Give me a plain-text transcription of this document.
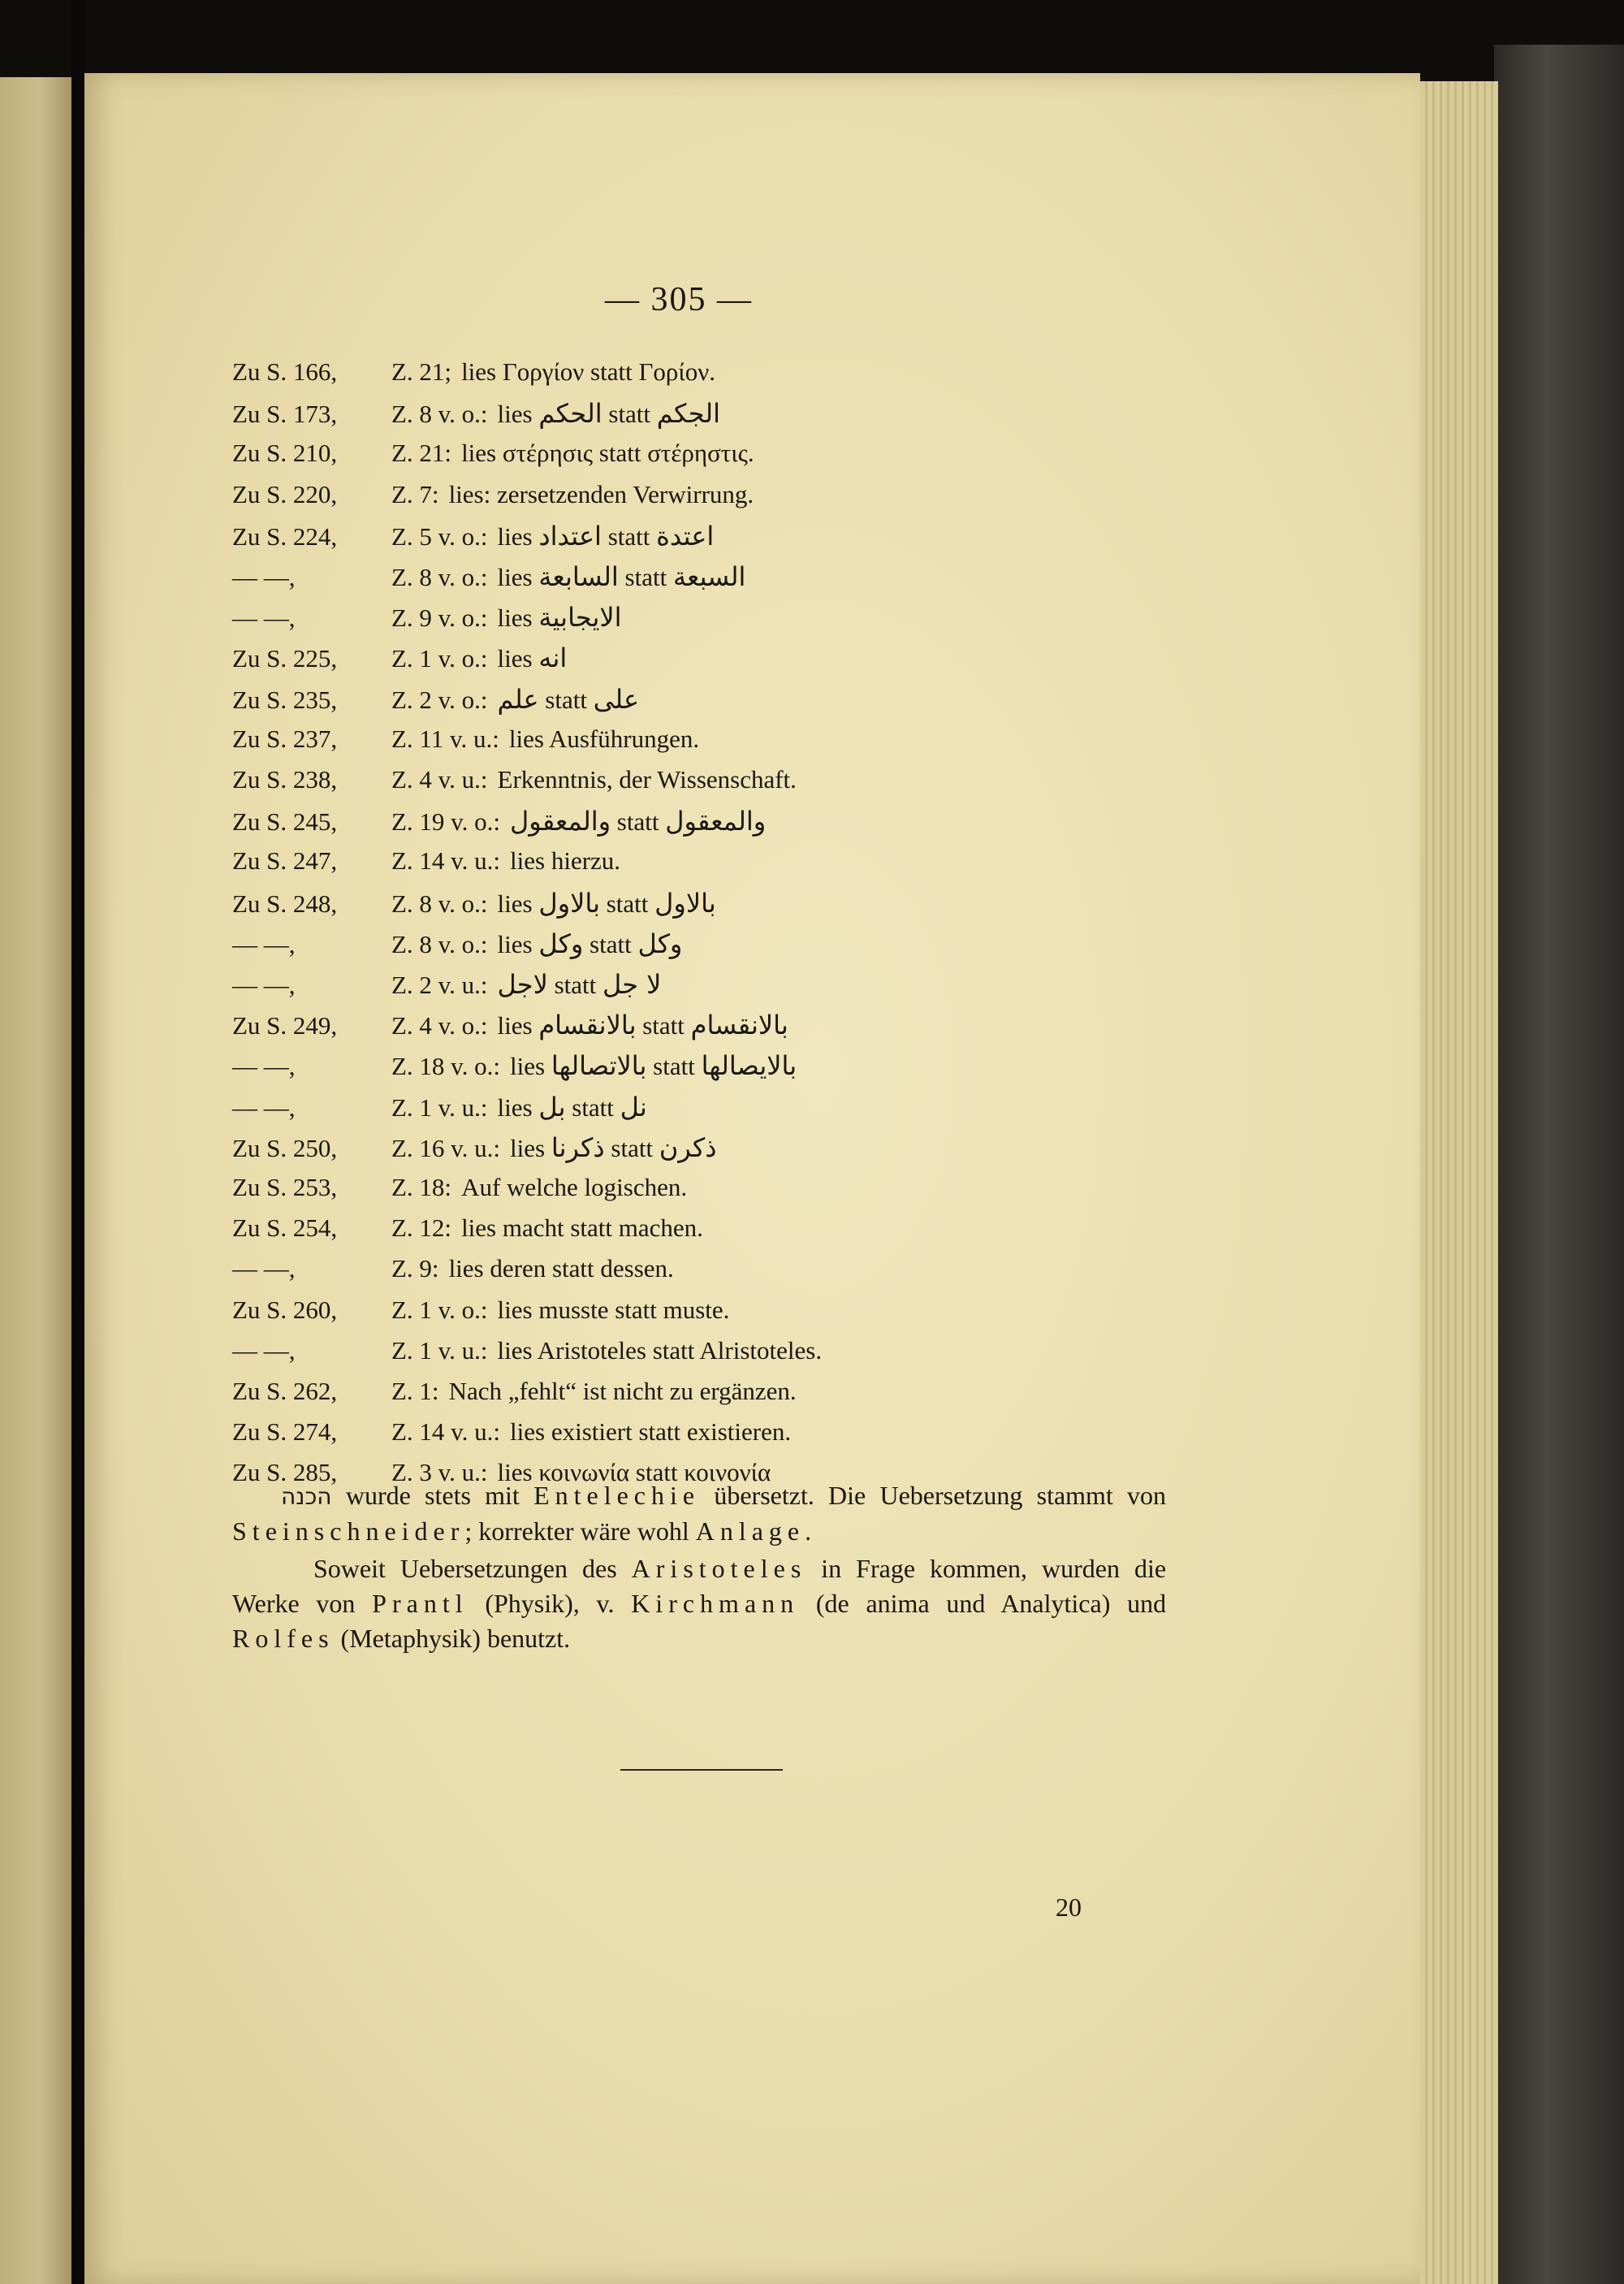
— 305 —
Zu S. 166,	Z. 21; lies Γοργίον statt Γορίον.
Zu S. 173,	Z. 8 v. o.: lies الحكم statt الجكم
Zu S. 210,	Z. 21: lies στέρησις statt στέρηστις.
Zu S. 220,	Z. 7: lies: zersetzenden Verwirrung.
Zu S. 224,	Z. 5 v. o.: lies اعتداد statt اعتدة
— —,	Z. 8 v. o.: lies السابعة statt السبعة
— —,	Z. 9 v. o.: lies الايجابية
Zu S. 225,	Z. 1 v. o.: lies انه
Zu S. 235,	Z. 2 v. o.: علم statt على
Zu S. 237,	Z. 11 v. u.: lies Ausführungen.
Zu S. 238,	Z. 4 v. u.: Erkenntnis, der Wissenschaft.
Zu S. 245,	Z. 19 v. o.: والمعقول statt والمعقول
Zu S. 247,	Z. 14 v. u.: lies hierzu.
Zu S. 248,	Z. 8 v. o.: lies بالاول statt بالاول
— —,	Z. 8 v. o.: lies وكل statt وكل
— —,	Z. 2 v. u.: لاجل statt لا جل
Zu S. 249,	Z. 4 v. o.: lies بالانقسام statt بالانقسام
— —,	Z. 18 v. o.: lies بالاتصالها statt بالايصالها
— —,	Z. 1 v. u.: lies بل statt نل
Zu S. 250,	Z. 16 v. u.: lies ذكرنا statt ذكرن
Zu S. 253,	Z. 18: Auf welche logischen.
Zu S. 254,	Z. 12: lies macht statt machen.
— —,	Z. 9: lies deren statt dessen.
Zu S. 260,	Z. 1 v. o.: lies musste statt muste.
— —,	Z. 1 v. u.: lies Aristoteles statt Alristoteles.
Zu S. 262,	Z. 1: Nach „fehlt“ ist nicht zu ergänzen.
Zu S. 274,	Z. 14 v. u.: lies existiert statt existieren.
Zu S. 285,	Z. 3 v. u.: lies κοινωνία statt κοινονία
הכנה wurde stets mit Entelechie übersetzt. Die Uebersetzung stammt von Steinschneider; korrekter wäre wohl Anlage.
Soweit Uebersetzungen des Aristoteles in Frage kommen, wurden die Werke von Prantl (Physik), v. Kirchmann (de anima und Analytica) und Rolfes (Metaphysik) benutzt.
20
